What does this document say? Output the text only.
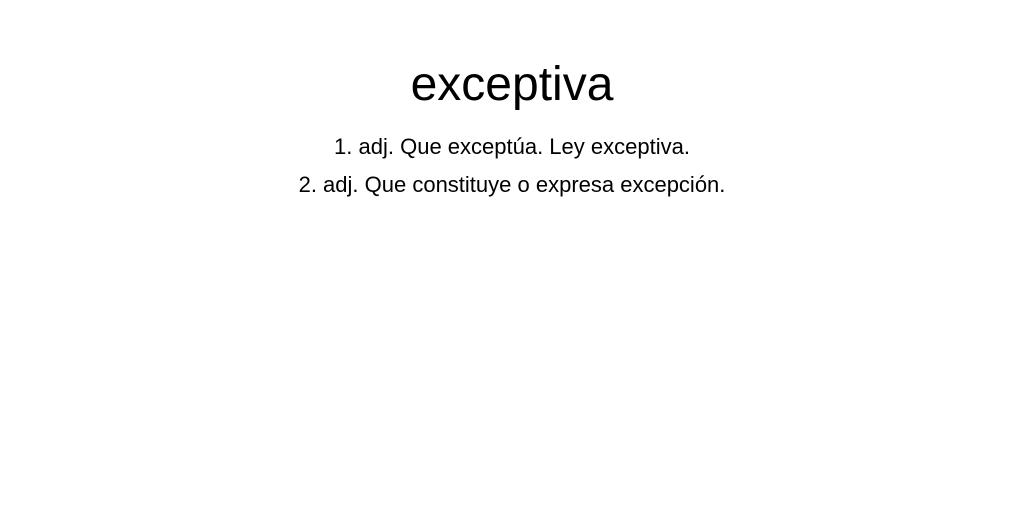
exceptiva
1. adj. Que exceptúa. Ley exceptiva.
2. adj. Que constituye o expresa excepción.
